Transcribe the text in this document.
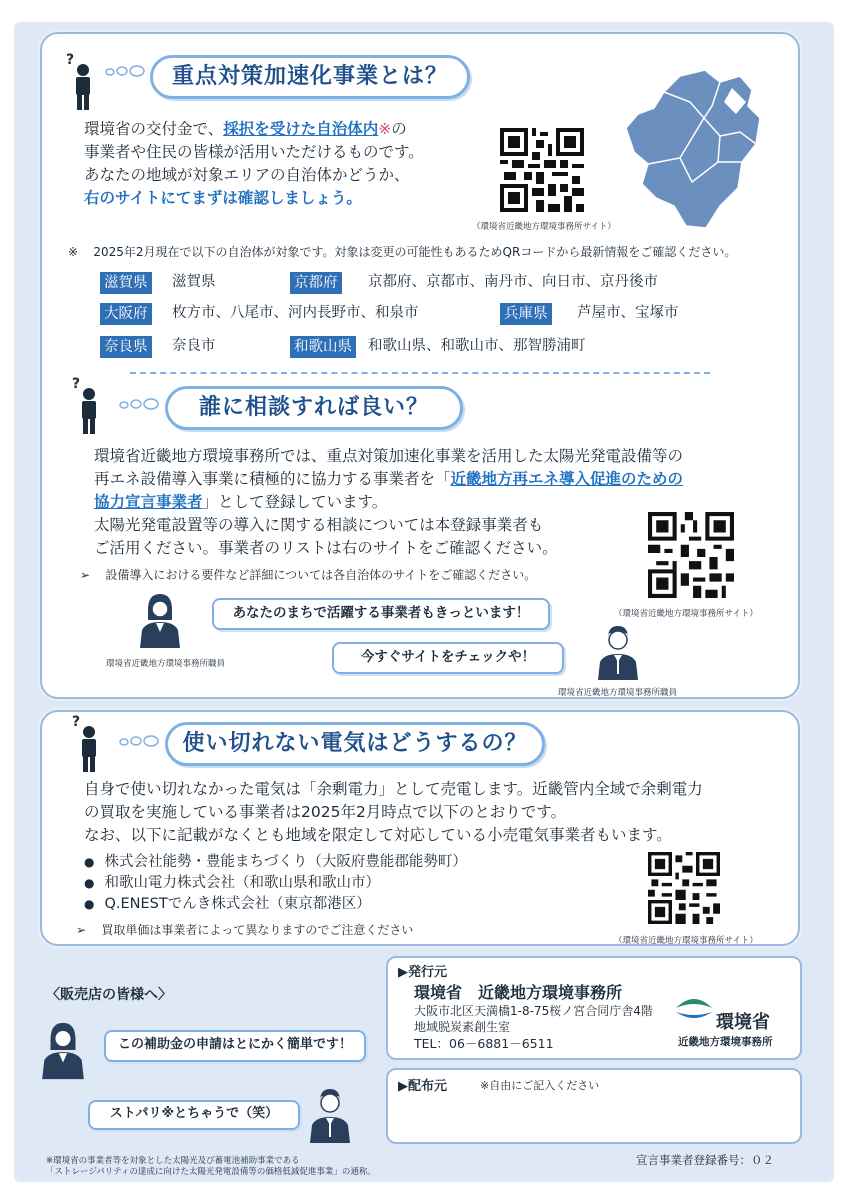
?
重点対策加速化事業とは？
環境省の交付金で、採択を受けた自治体内※の
事業者や住民の皆様が活用いただけるものです。
あなたの地域が対象エリアの自治体かどうか、
右のサイトにてまずは確認しましょう。
（環境省近畿地方環境事務所サイト）
※ 2025年2月現在で以下の自治体が対象です。対象は変更の可能性もあるためQRコードから最新情報をご確認ください。
滋賀県 滋賀県	京都府 京都府、京都市、南丹市、向日市、京丹後市
大阪府 枚方市、八尾市、河内長野市、和泉市	兵庫県 芦屋市、宝塚市
奈良県 奈良市	和歌山県 和歌山県、和歌山市、那智勝浦町
?
誰に相談すれば良い？
環境省近畿地方環境事務所では、重点対策加速化事業を活用した太陽光発電設備等の
再エネ設備導入事業に積極的に協力する事業者を「近畿地方再エネ導入促進のための
協力宣言事業者」として登録しています。
太陽光発電設置等の導入に関する相談については本登録事業者も
ご活用ください。事業者のリストは右のサイトをご確認ください。
（環境省近畿地方環境事務所サイト）
➢ 設備導入における要件など詳細については各自治体のサイトをご確認ください。
環境省近畿地方環境事務所職員
あなたのまちで活躍する事業者もきっといます！
今すぐサイトをチェックや！
環境省近畿地方環境事務所職員
?
使い切れない電気はどうするの？
自身で使い切れなかった電気は「余剰電力」として売電します。近畿管内全域で余剰電力
の買取を実施している事業者は2025年2月時点で以下のとおりです。
なお、以下に記載がなくとも地域を限定して対応している小売電気事業者もいます。
● 株式会社能勢・豊能まちづくり（大阪府豊能郡能勢町）
● 和歌山電力株式会社（和歌山県和歌山市）
● Q.ENESTでんき株式会社（東京都港区）
➢ 買取単価は事業者によって異なりますのでご注意ください
（環境省近畿地方環境事務所サイト）
〈販売店の皆様へ〉
この補助金の申請はとにかく簡単です！
ストパリ※とちゃうで（笑）
※環境省の事業者等を対象とした太陽光及び蓄電池補助事業である
「ストレージパリティの達成に向けた太陽光発電設備等の価格低減促進事業」の通称。
▶発行元
環境省　近畿地方環境事務所
大阪市北区天満橋1-8-75桜ノ宮合同庁舎4階
地域脱炭素創生室
TEL：06－6881－6511
環境省
近畿地方環境事務所
▶配布元	※自由にご記入ください
宣言事業者登録番号：０２
